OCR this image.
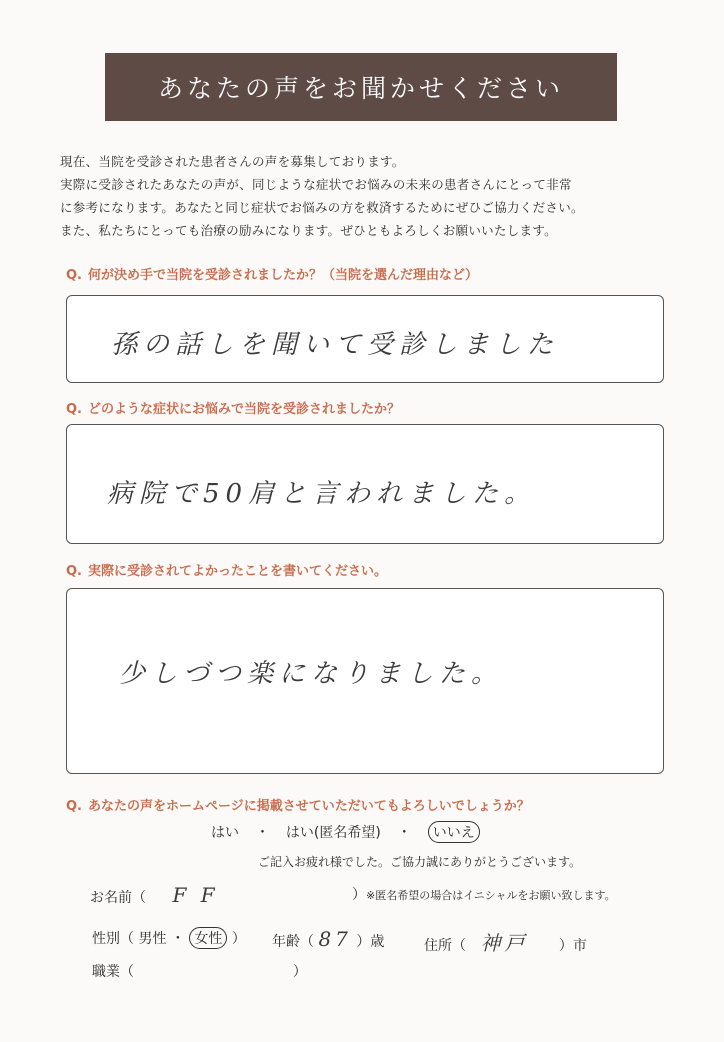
あなたの声をお聞かせください
現在、当院を受診された患者さんの声を募集しております。
実際に受診されたあなたの声が、同じような症状でお悩みの未来の患者さんにとって非常
に参考になります。あなたと同じ症状でお悩みの方を救済するためにぜひご協力ください。
また、私たちにとっても治療の励みになります。ぜひともよろしくお願いいたします。
Q. 何が決め手で当院を受診されましたか？（当院を選んだ理由など）
孫の話しを聞いて受診しました
Q. どのような症状にお悩みで当院を受診されましたか？
病院で50肩と言われました。
Q. 実際に受診されてよかったことを書いてください。
少しづつ楽になりました。
Q. あなたの声をホームページに掲載させていただいてもよろしいでしょうか？
はい ・ はい(匿名希望) ・ いいえ
ご記入お疲れ様でした。ご協力誠にありがとうございます。
お名前（ F F	）※匿名希望の場合はイニシャルをお願い致します。
性別（ 男性 ・ 女性 ） 年齢（ 87 ）歳	住所（ 神戸 ）市
職業（	）
